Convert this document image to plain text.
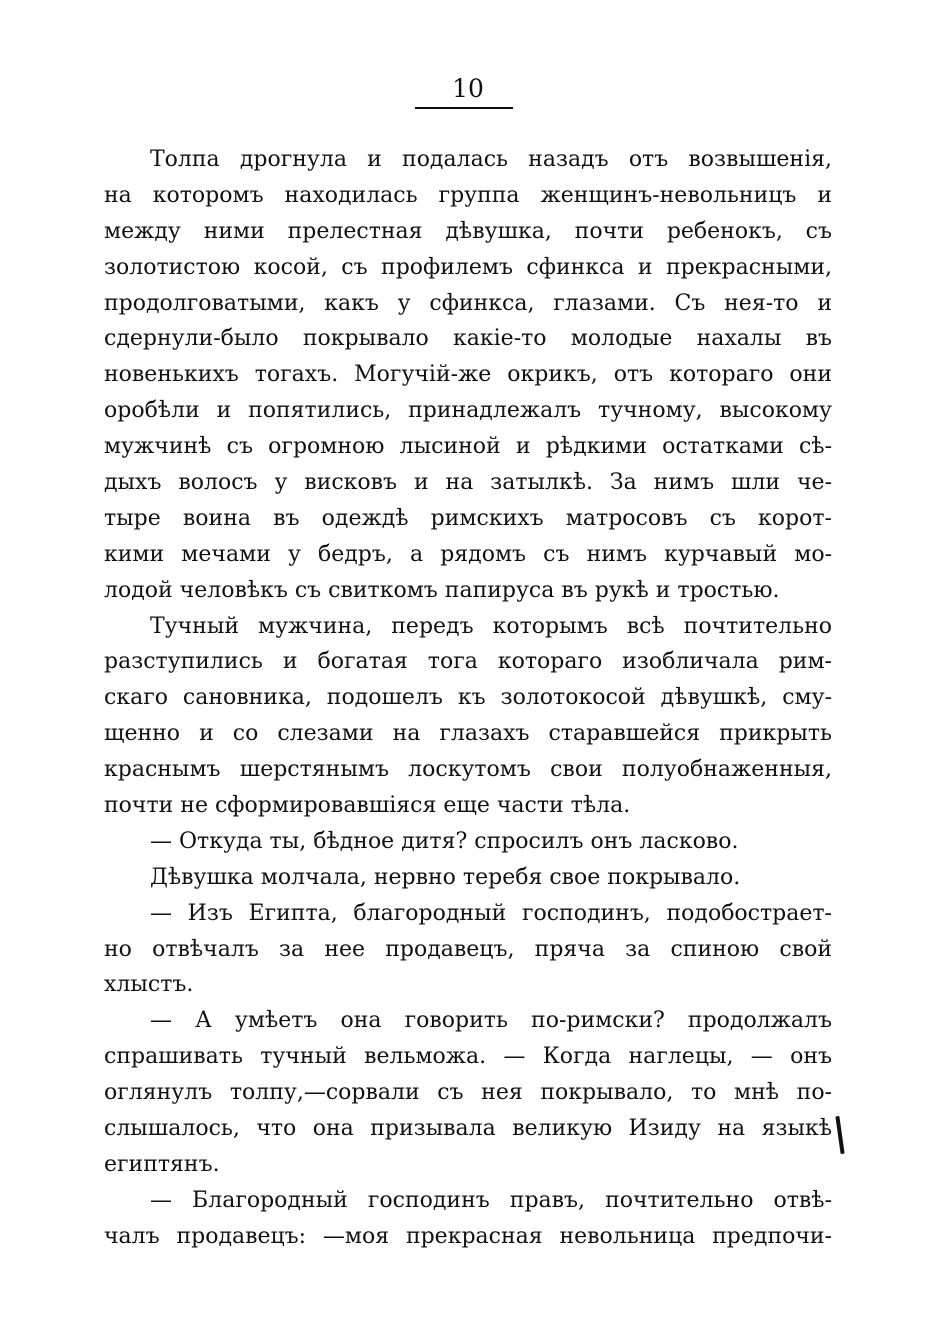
10
Толпа дрогнула и подалась назадъ отъ возвышенія,
на которомъ находилась группа женщинъ-невольницъ и
между ними прелестная дѣвушка, почти ребенокъ, съ
золотистою косой, съ профилемъ сфинкса и прекрасными,
продолговатыми, какъ у сфинкса, глазами. Съ нея-то и
сдернули-было покрывало какіе-то молодые нахалы въ
новенькихъ тогахъ. Могучій-же окрикъ, отъ котораго они
оробѣли и попятились, принадлежалъ тучному, высокому
мужчинѣ съ огромною лысиной и рѣдкими остатками сѣ-
дыхъ волосъ у висковъ и на затылкѣ. За нимъ шли че-
тыре воина въ одеждѣ римскихъ матросовъ съ корот-
кими мечами у бедръ, а рядомъ съ нимъ курчавый мо-
лодой человѣкъ съ свиткомъ папируса въ рукѣ и тростью.
Тучный мужчина, передъ которымъ всѣ почтительно
разступились и богатая тога котораго изобличала рим-
скаго сановника, подошелъ къ золотокосой дѣвушкѣ, сму-
щенно и со слезами на глазахъ старавшейся прикрыть
краснымъ шерстянымъ лоскутомъ свои полуобнаженныя,
почти не сформировавшіяся еще части тѣла.
— Откуда ты, бѣдное дитя? спросилъ онъ ласково.
Дѣвушка молчала, нервно теребя свое покрывало.
— Изъ Египта, благородный господинъ, подобострает-
но отвѣчалъ за нее продавецъ, пряча за спиною свой
хлыстъ.
— А умѣетъ она говорить по-римски? продолжалъ
спрашивать тучный вельможа. — Когда наглецы, — онъ
оглянулъ толпу,—сорвали съ нея покрывало, то мнѣ по-
слышалось, что она призывала великую Изиду на языкѣ
египтянъ.
— Благородный господинъ правъ, почтительно отвѣ-
чалъ продавецъ: —моя прекрасная невольница предпочи-
